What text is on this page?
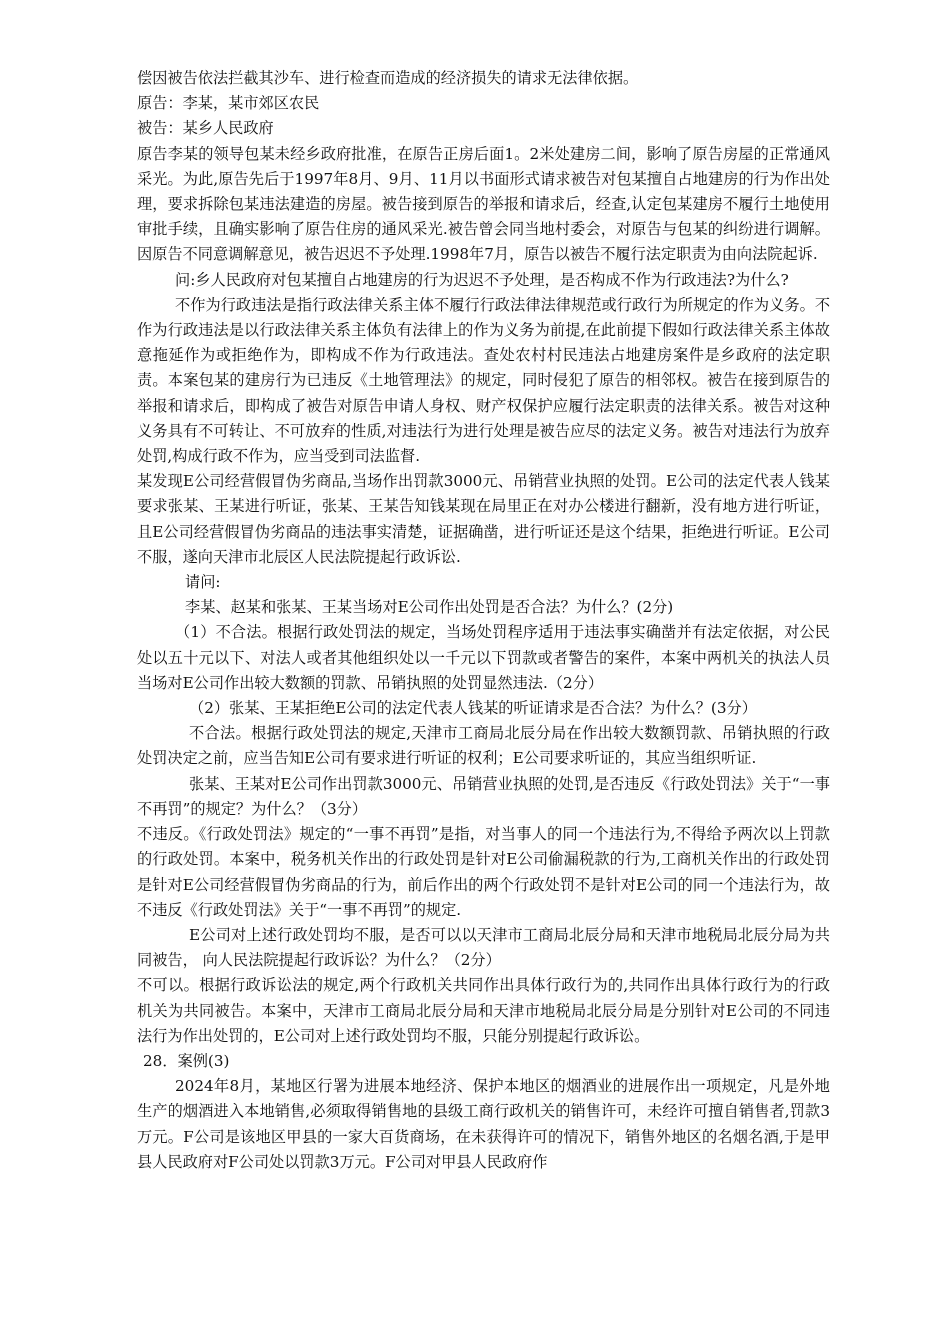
偿因被告依法拦截其沙车、进行检查而造成的经济损失的请求无法律依据。

原告：李某，某市郊区农民

被告：某乡人民政府

原告李某的领导包某未经乡政府批准，在原告正房后面1。2米处建房二间，影响了原告房屋的正常通风采光。为此,原告先后于1997年8月、9月、11月以书面形式请求被告对包某擅自占地建房的行为作出处理，要求拆除包某违法建造的房屋。被告接到原告的举报和请求后，经查,认定包某建房不履行土地使用审批手续，且确实影响了原告住房的通风采光.被告曾会同当地村委会，对原告与包某的纠纷进行调解。因原告不同意调解意见，被告迟迟不予处理.1998年7月，原告以被告不履行法定职责为由向法院起诉.

问:乡人民政府对包某擅自占地建房的行为迟迟不予处理，是否构成不作为行政违法?为什么?

不作为行政违法是指行政法律关系主体不履行行政法律法律规范或行政行为所规定的作为义务。不作为行政违法是以行政法律关系主体负有法律上的作为义务为前提,在此前提下假如行政法律关系主体故意拖延作为或拒绝作为，即构成不作为行政违法。查处农村村民违法占地建房案件是乡政府的法定职责。本案包某的建房行为已违反《土地管理法》的规定，同时侵犯了原告的相邻权。被告在接到原告的举报和请求后，即构成了被告对原告申请人身权、财产权保护应履行法定职责的法律关系。被告对这种义务具有不可转让、不可放弃的性质,对违法行为进行处理是被告应尽的法定义务。被告对违法行为放弃处罚,构成行政不作为，应当受到司法监督.

某发现E公司经营假冒伪劣商品,当场作出罚款3000元、吊销营业执照的处罚。E公司的法定代表人钱某要求张某、王某进行听证，张某、王某告知钱某现在局里正在对办公楼进行翻新，没有地方进行听证，且E公司经营假冒伪劣商品的违法事实清楚，证据确凿，进行听证还是这个结果，拒绝进行听证。E公司不服，遂向天津市北辰区人民法院提起行政诉讼.

请问:

李某、赵某和张某、王某当场对E公司作出处罚是否合法？为什么？(2分)

（1）不合法。根据行政处罚法的规定，当场处罚程序适用于违法事实确凿并有法定依据，对公民处以五十元以下、对法人或者其他组织处以一千元以下罚款或者警告的案件，本案中两机关的执法人员当场对E公司作出较大数额的罚款、吊销执照的处罚显然违法.（2分）

（2）张某、王某拒绝E公司的法定代表人钱某的听证请求是否合法？为什么？(3分）

不合法。根据行政处罚法的规定,天津市工商局北辰分局在作出较大数额罚款、吊销执照的行政处罚决定之前，应当告知E公司有要求进行听证的权利；E公司要求听证的，其应当组织听证.

张某、王某对E公司作出罚款3000元、吊销营业执照的处罚,是否违反《行政处罚法》关于“一事不再罚”的规定？为什么？（3分）

不违反。《行政处罚法》规定的“一事不再罚”是指，对当事人的同一个违法行为,不得给予两次以上罚款的行政处罚。本案中，税务机关作出的行政处罚是针对E公司偷漏税款的行为,工商机关作出的行政处罚是针对E公司经营假冒伪劣商品的行为，前后作出的两个行政处罚不是针对E公司的同一个违法行为，故不违反《行政处罚法》关于“一事不再罚”的规定.

E公司对上述行政处罚均不服，是否可以以天津市工商局北辰分局和天津市地税局北辰分局为共同被告， 向人民法院提起行政诉讼？为什么？（2分）

不可以。根据行政诉讼法的规定,两个行政机关共同作出具体行政行为的,共同作出具体行政行为的行政机关为共同被告。本案中，天津市工商局北辰分局和天津市地税局北辰分局是分别针对E公司的不同违法行为作出处罚的，E公司对上述行政处罚均不服，只能分别提起行政诉讼。

28．案例(3)

2024年8月，某地区行署为进展本地经济、保护本地区的烟酒业的进展作出一项规定，凡是外地生产的烟酒进入本地销售,必须取得销售地的县级工商行政机关的销售许可，未经许可擅自销售者,罚款3万元。F公司是该地区甲县的一家大百货商场，在未获得许可的情况下，销售外地区的名烟名酒,于是甲县人民政府对F公司处以罚款3万元。F公司对甲县人民政府作
